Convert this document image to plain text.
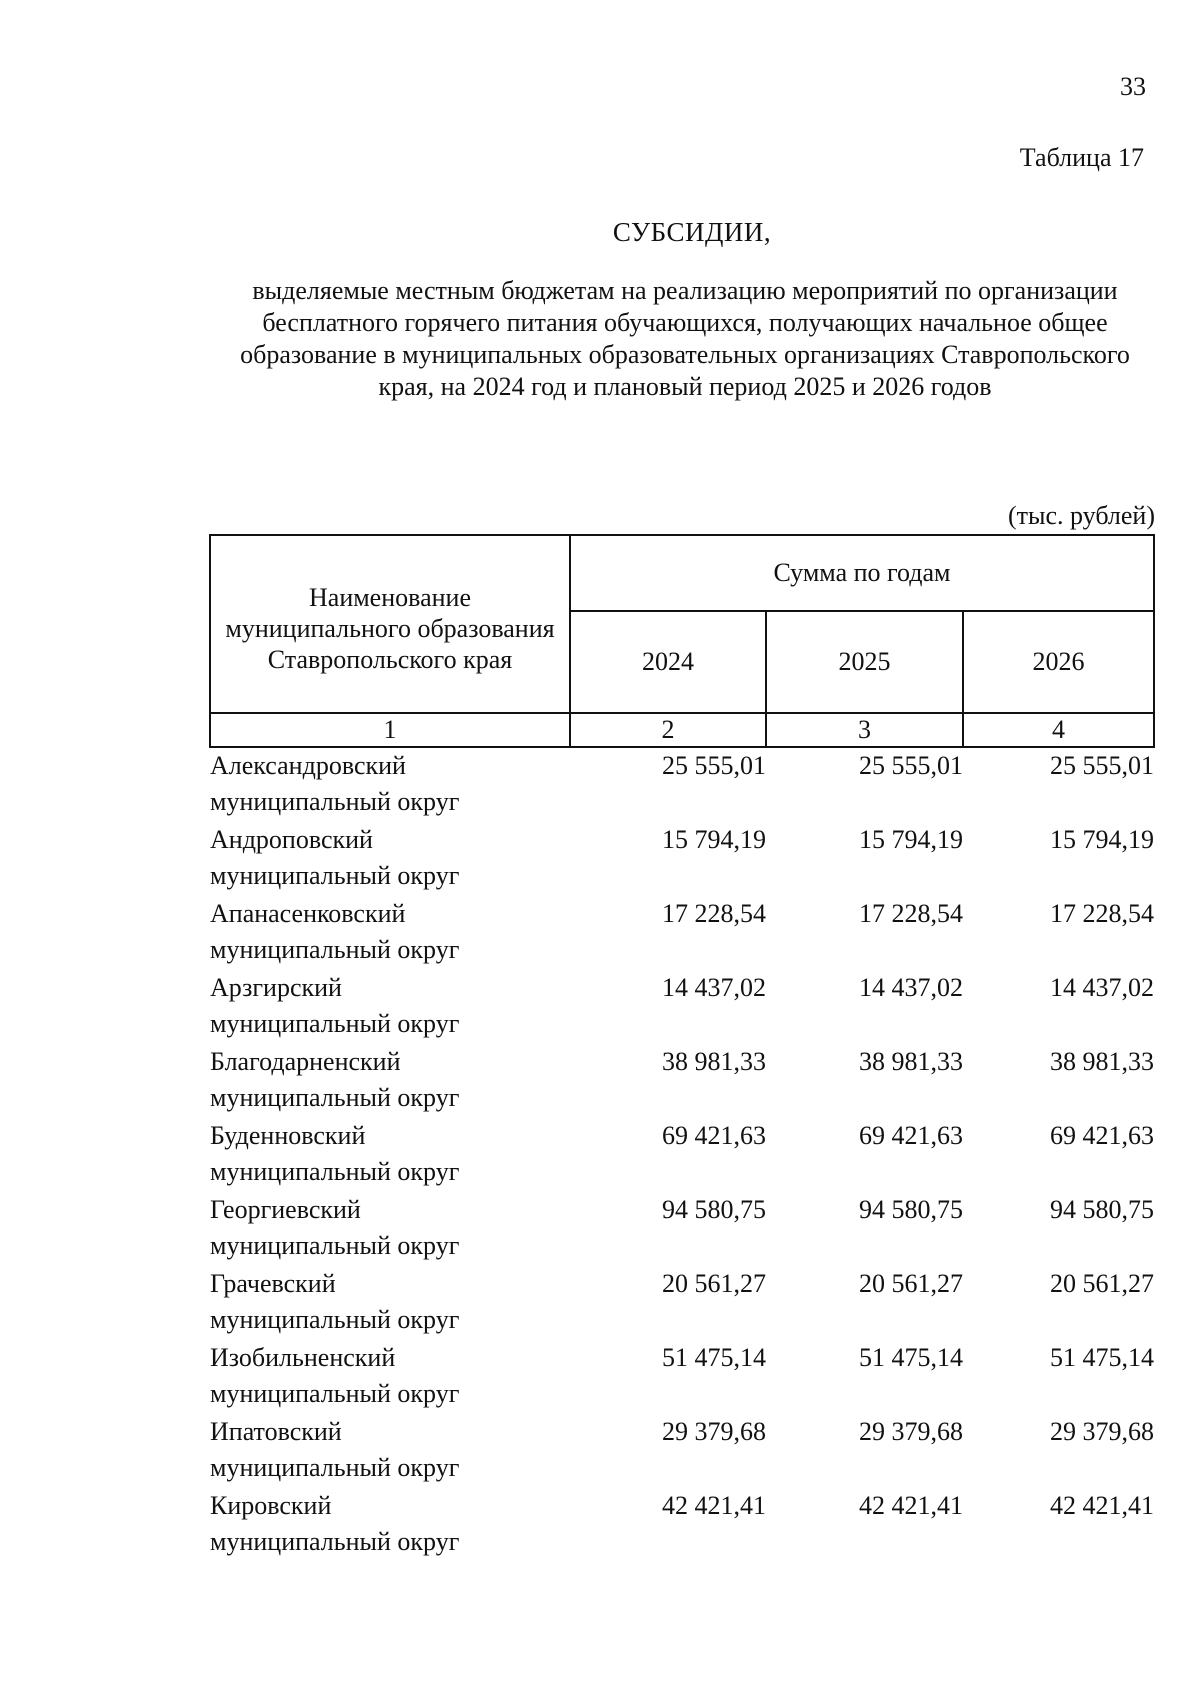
33
Таблица 17
СУБСИДИИ,
выделяемые местным бюджетам на реализацию мероприятий по организации бесплатного горячего питания обучающихся, получающих начальное общее образование в муниципальных образовательных организациях Ставропольского края, на 2024 год и плановый период 2025 и 2026 годов
(тыс. рублей)
Наименование муниципального образования Ставропольского края	Сумма по годам		
	2024	2025	2026
1	2	3	4

Александровский
муниципальный округ	25 555,01	25 555,01	25 555,01

Андроповский
муниципальный округ	15 794,19	15 794,19	15 794,19

Апанасенковский
муниципальный округ	17 228,54	17 228,54	17 228,54

Арзгирский
муниципальный округ	14 437,02	14 437,02	14 437,02

Благодарненский
муниципальный округ	38 981,33	38 981,33	38 981,33

Буденновский
муниципальный округ	69 421,63	69 421,63	69 421,63

Георгиевский
муниципальный округ	94 580,75	94 580,75	94 580,75

Грачевский
муниципальный округ	20 561,27	20 561,27	20 561,27

Изобильненский
муниципальный округ	51 475,14	51 475,14	51 475,14

Ипатовский
муниципальный округ	29 379,68	29 379,68	29 379,68

Кировский
муниципальный округ	42 421,41	42 421,41	42 421,41
